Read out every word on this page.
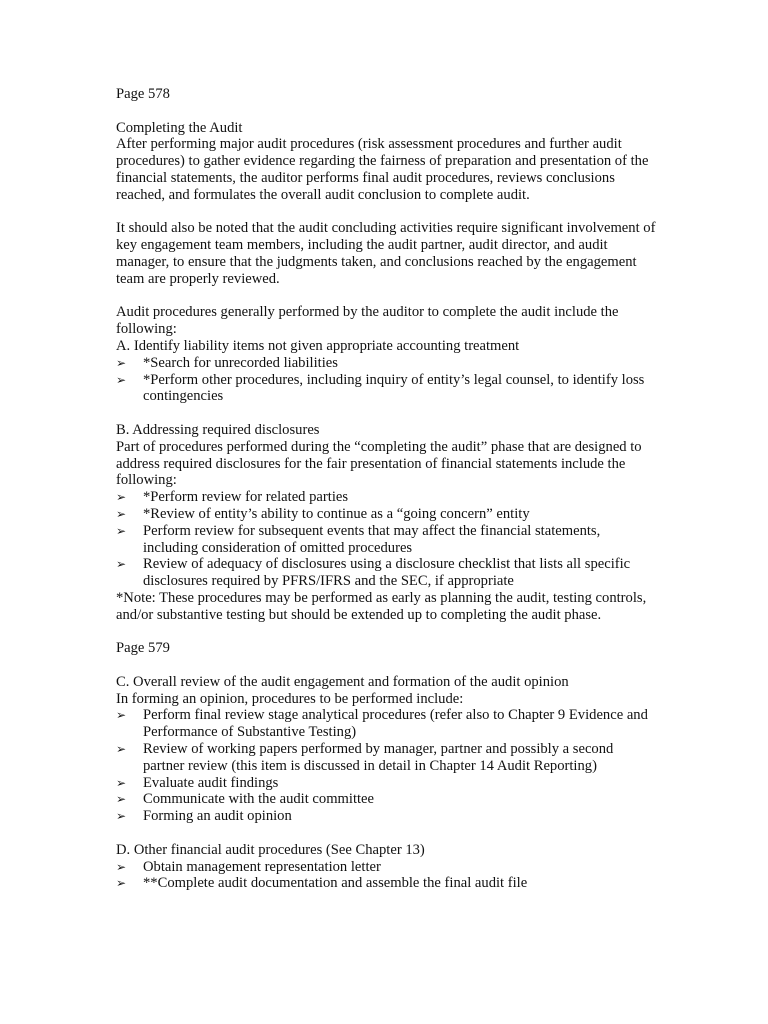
Page 578

Completing the Audit

After performing major audit procedures (risk assessment procedures and further audit procedures) to gather evidence regarding the fairness of preparation and presentation of the financial statements, the auditor performs final audit procedures, reviews conclusions reached, and formulates the overall audit conclusion to complete audit.

It should also be noted that the audit concluding activities require significant involvement of key engagement team members, including the audit partner, audit director, and audit manager, to ensure that the judgments taken, and conclusions reached by the engagement team are properly reviewed.

Audit procedures generally performed by the auditor to complete the audit include the following:

A. Identify liability items not given appropriate accounting treatment

➢ *Search for unrecorded liabilities
➢ *Perform other procedures, including inquiry of entity’s legal counsel, to identify loss contingencies

B. Addressing required disclosures

Part of procedures performed during the “completing the audit” phase that are designed to address required disclosures for the fair presentation of financial statements include the following:

➢ *Perform review for related parties
➢ *Review of entity’s ability to continue as a “going concern” entity
➢ Perform review for subsequent events that may affect the financial statements, including consideration of omitted procedures
➢ Review of adequacy of disclosures using a disclosure checklist that lists all specific disclosures required by PFRS/IFRS and the SEC, if appropriate

*Note: These procedures may be performed as early as planning the audit, testing controls, and/or substantive testing but should be extended up to completing the audit phase.

Page 579

C. Overall review of the audit engagement and formation of the audit opinion

In forming an opinion, procedures to be performed include:

➢ Perform final review stage analytical procedures (refer also to Chapter 9 Evidence and Performance of Substantive Testing)
➢ Review of working papers performed by manager, partner and possibly a second partner review (this item is discussed in detail in Chapter 14 Audit Reporting)
➢ Evaluate audit findings
➢ Communicate with the audit committee
➢ Forming an audit opinion

D. Other financial audit procedures (See Chapter 13)

➢ Obtain management representation letter
➢ **Complete audit documentation and assemble the final audit file
